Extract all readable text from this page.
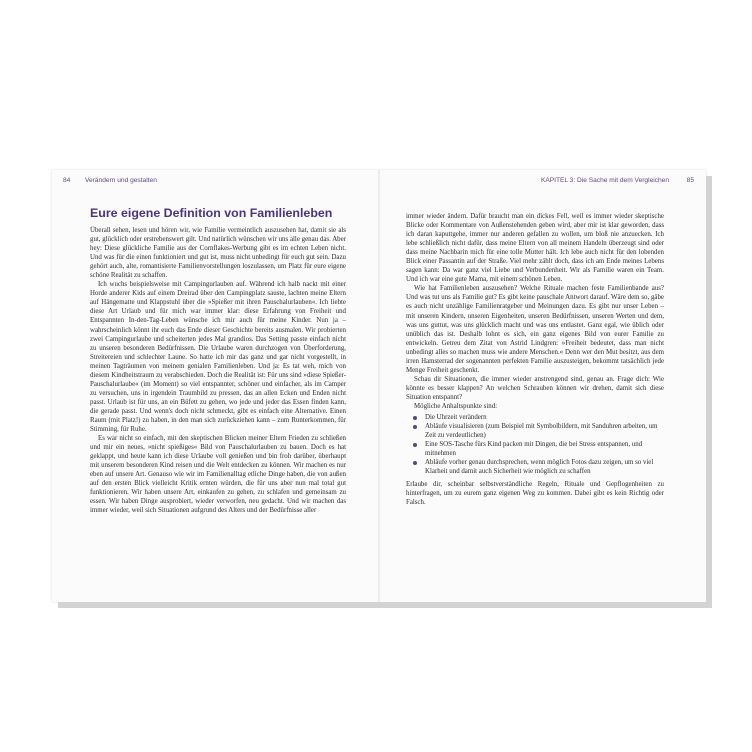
84 Verändern und gestalten
Eure eigene Definition von Familienleben

Überall sehen, lesen und hören wir, wie Familie vermeintlich auszusehen hat, damit sie als gut, glücklich oder erstrebenswert gilt. Und natürlich wünschen wir uns alle genau das. Aber hey: Diese glückliche Familie aus der Cornflakes-Werbung gibt es im echten Leben nicht. Und was für die einen funktioniert und gut ist, muss nicht unbedingt für euch gut sein. Dazu gehört auch, alte, romantisierte Familienvorstellungen loszulassen, um Platz für eure eigene schöne Realität zu schaffen.

Ich wuchs beispielsweise mit Campingurlauben auf. Während ich halb nackt mit einer Horde anderer Kids auf einem Dreirad über den Campingplatz sauste, lachten meine Eltern auf Hängematte und Klappstuhl über die »Spießer mit ihren Pauschalurlauben«. Ich liebte diese Art Urlaub und für mich war immer klar: diese Erfahrung von Freiheit und Entspannten In-den-Tag-Leben wünsche ich mir auch für meine Kinder. Nun ja – wahrscheinlich könnt ihr euch das Ende dieser Geschichte bereits ausmalen. Wir probierten zwei Campingurlaube und scheiterten jedes Mal grandios. Das Setting passte einfach nicht zu unseren besonderen Bedürfnissen. Die Urlaube waren durchzogen von Überforderung, Streitereien und schlechter Laune. So hatte ich mir das ganz und gar nicht vorgestellt, in meinen Tagträumen von meinem genialen Familienleben. Und ja: Es tat weh, mich von diesem Kindheitstraum zu verabschieden. Doch die Realität ist: Für uns sind »diese Spießer-Pauschalurlaube« (im Moment) so viel entspannter, schöner und einfacher, als im Camper zu versuchen, uns in irgendein Traumbild zu pressen, das an allen Ecken und Enden nicht passt. Urlaub ist für uns, an ein Büfett zu gehen, wo jede und jeder das Essen finden kann, die gerade passt. Und wenn's doch nicht schmeckt, gibt es einfach eine Alternative. Einen Raum (mit Platz!) zu haben, in den man sich zurückziehen kann – zum Runterkommen, für Stimming, für Ruhe.

Es war nicht so einfach, mit den skeptischen Blicken meiner Eltern Frieden zu schließen und mir ein neues, »nicht spießiges« Bild von Pauschalurlauben zu bauen. Doch es hat geklappt, und heute kann ich diese Urlaube voll genießen und bin froh darüber, überhaupt mit unserem besonderen Kind reisen und die Welt entdecken zu können. Wir machen es nur eben auf unsere Art. Genauso wie wir im Familienalltag etliche Dinge haben, die von außen auf den ersten Blick vielleicht Kritik ernten würden, die für uns aber nun mal total gut funktionieren. Wir haben unsere Art, einkaufen zu gehen, zu schlafen und gemeinsam zu essen. Wir haben Dinge ausprobiert, wieder verworfen, neu gedacht. Und wir machen das immer wieder, weil sich Situationen aufgrund des Alters und der Bedürfnisse aller

KAPITEL 3: Die Sache mit dem Vergleichen	85

immer wieder ändern. Dafür braucht man ein dickes Fell, weil es immer wieder skeptische Blicke oder Kommentare von Außenstehenden geben wird, aber mir ist klar geworden, dass ich daran kaputtgehe, immer nur anderen gefallen zu wollen, um bloß nie anzuecken. Ich lebe schließlich nicht dafür, dass meine Eltern von all meinem Handeln überzeugt sind oder dass meine Nachbarin mich für eine tolle Mutter hält. Ich lebe auch nicht für den lobenden Blick einer Passantin auf der Straße. Viel mehr zählt doch, dass ich am Ende meines Lebens sagen kann: Da war ganz viel Liebe und Verbundenheit. Wir als Familie waren ein Team. Und ich war eine gute Mama, mit einem schönen Leben.

Wie hat Familienleben auszusehen? Welche Rituale machen feste Familienbande aus? Und was tut uns als Familie gut? Es gibt keine pauschale Antwort darauf. Wäre dem so, gäbe es auch nicht unzählige Familienratgeber und Meinungen dazu. Es gibt nur unser Leben – mit unseren Kindern, unseren Eigenheiten, unseren Bedürfnissen, unseren Werten und dem, was uns guttut, was uns glücklich macht und was uns entlastet. Ganz egal, wie üblich oder unüblich das ist. Deshalb lohnt es sich, ein ganz eigenes Bild von eurer Familie zu entwickeln. Getreu dem Zitat von Astrid Lindgren: »Freiheit bedeutet, dass man nicht unbedingt alles so machen muss wie andere Menschen.« Denn wer den Mut besitzt, aus dem irren Hamsterrad der sogenannten perfekten Familie auszusteigen, bekommt tatsächlich jede Menge Freiheit geschenkt.

Schau dir Situationen, die immer wieder anstrengend sind, genau an. Frage dich: Wie könnte es besser klappen? An welchen Schrauben können wir drehen, damit sich diese Situation entspannt?

Mögliche Anhaltspunkte sind:

Die Uhrzeit verändern
Abläufe visualisieren (zum Beispiel mit Symbolbildern, mit Sanduhren arbeiten, um Zeit zu verdeutlichen)
Eine SOS-Tasche fürs Kind packen mit Dingen, die bei Stress entspannen, und mitnehmen
Abläufe vorher genau durchsprechen, wenn möglich Fotos dazu zeigen, um so viel Klarheit und damit auch Sicherheit wie möglich zu schaffen

Erlaube dir, scheinbar selbstverständliche Regeln, Rituale und Gepflogenheiten zu hinterfragen, um zu eurem ganz eigenen Weg zu kommen. Dabei gibt es kein Richtig oder Falsch.
